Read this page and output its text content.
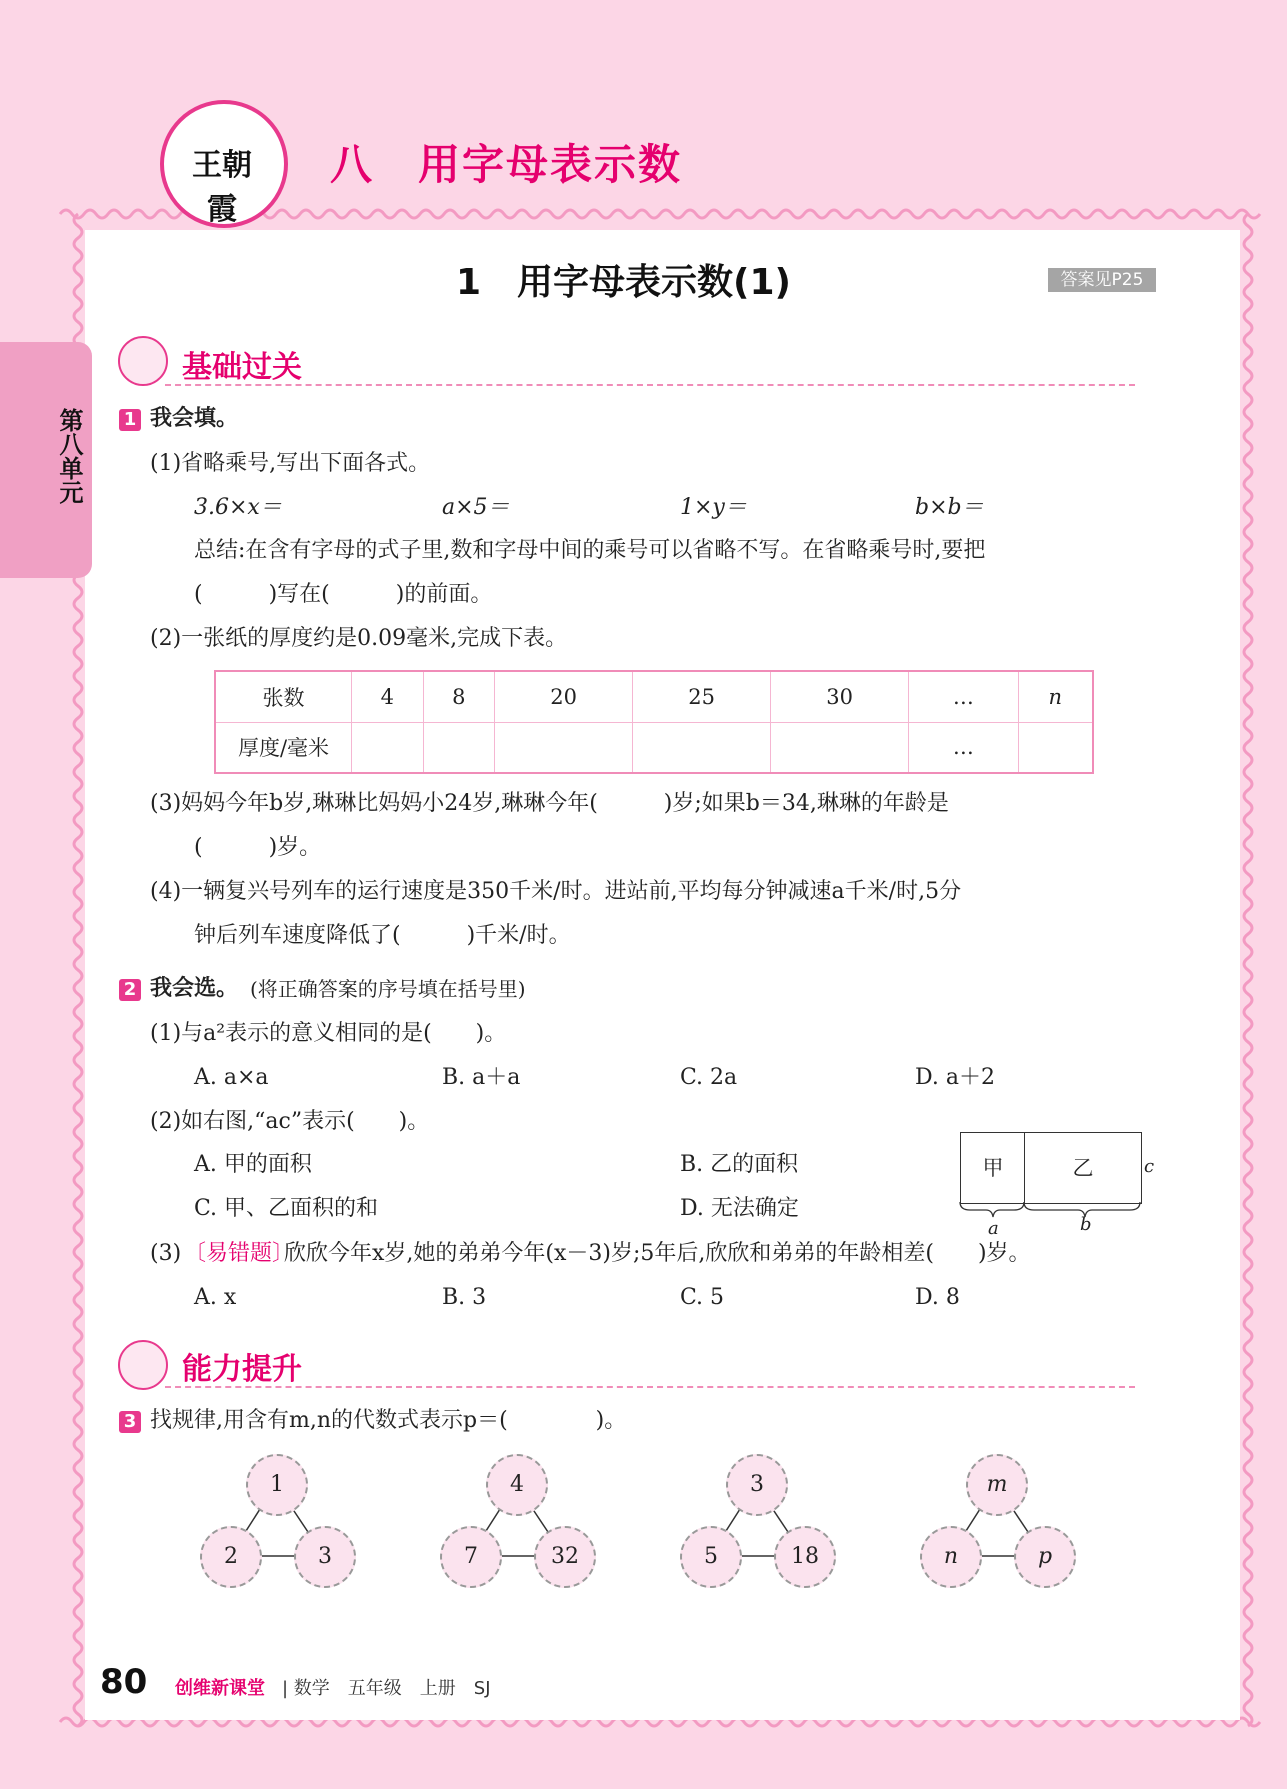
第八单元
王朝霞
八　用字母表示数
1　用字母表示数(1)	答案见P25
基础过关
1 我会填。
(1)省略乘号,写出下面各式。
3.6×x＝	a×5＝	1×y＝	b×b＝
总结:在含有字母的式子里,数和字母中间的乘号可以省略不写。在省略乘号时,要把
(　　　)写在(　　　)的前面。
(2)一张纸的厚度约是0.09毫米,完成下表。
张数	4	8	20	25	30	…	n
厚度/毫米						…	
(3)妈妈今年b岁,琳琳比妈妈小24岁,琳琳今年(　　　)岁;如果b＝34,琳琳的年龄是
(　　　)岁。
(4)一辆复兴号列车的运行速度是350千米/时。进站前,平均每分钟减速a千米/时,5分
钟后列车速度降低了(　　　)千米/时。
2 我会选。 (将正确答案的序号填在括号里)
(1)与a²表示的意义相同的是(　　)。
A. a×a	B. a＋a	C. 2a	D. a＋2
(2)如右图,“ac”表示(　　)。
A. 甲的面积	B. 乙的面积
C. 甲、乙面积的和	D. 无法确定
甲	乙	c
a	b
(3) 〔易错题〕
欣欣今年x岁,她的弟弟今年(x－3)岁;5年后,欣欣和弟弟的年龄相差(　　)岁。
A. x	B. 3	C. 5	D. 8
能力提升
3 找规律,用含有m,n的代数式表示p＝(　　　　)。
1
2	3
4
7	32
3
5	18
m
n	p
80 创维新课堂 | 数学　五年级　上册　SJ
